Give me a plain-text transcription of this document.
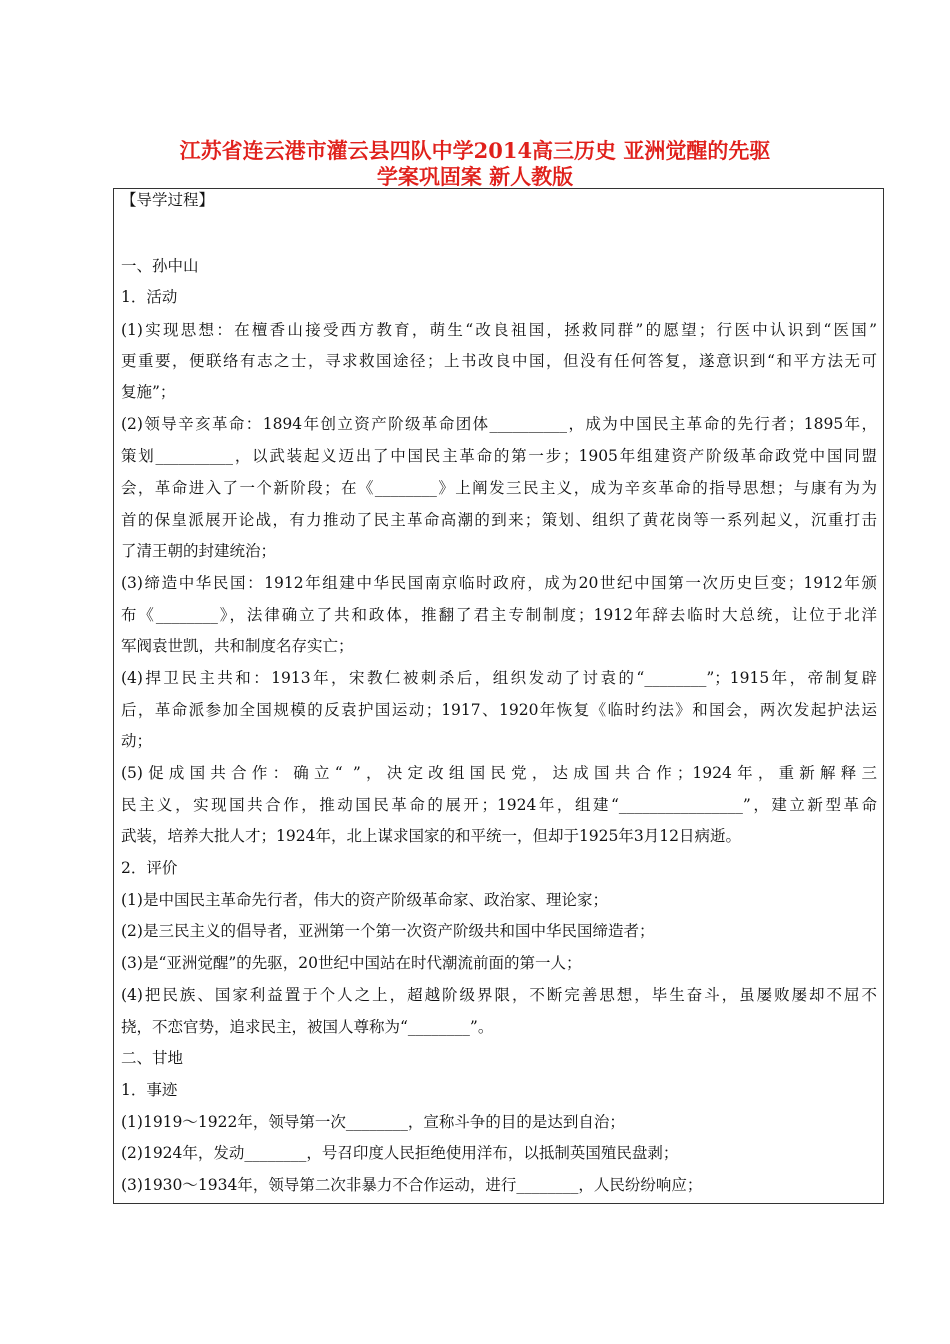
江苏省连云港市灌云县四队中学2014高三历史 亚洲觉醒的先驱
学案巩固案 新人教版
【导学过程】
一、孙中山
1．活动
(1)实现思想：在檀香山接受西方教育，萌生“改良祖国，拯救同群”的愿望；行医中认识到“医国”
更重要，便联络有志之士，寻求救国途径；上书改良中国，但没有任何答复，遂意识到“和平方法无可
复施”；
(2)领导辛亥革命：1894年创立资产阶级革命团体__________，成为中国民主革命的先行者；1895年，
策划__________，以武装起义迈出了中国民主革命的第一步；1905年组建资产阶级革命政党中国同盟
会，革命进入了一个新阶段；在《________》上阐发三民主义，成为辛亥革命的指导思想；与康有为为
首的保皇派展开论战，有力推动了民主革命高潮的到来；策划、组织了黄花岗等一系列起义，沉重打击
了清王朝的封建统治；
(3)缔造中华民国：1912年组建中华民国南京临时政府，成为20世纪中国第一次历史巨变；1912年颁
布《________》，法律确立了共和政体，推翻了君主专制制度；1912年辞去临时大总统，让位于北洋
军阀袁世凯，共和制度名存实亡；
(4)捍卫民主共和：1913年，宋教仁被刺杀后，组织发动了讨袁的“________”；1915年，帝制复辟
后，革命派参加全国规模的反袁护国运动；1917、1920年恢复《临时约法》和国会，两次发起护法运
动；
(5)促成国共合作：确立“ ”，决定改组国民党，达成国共合作；1924年，重新解释三
民主义，实现国共合作，推动国民革命的展开；1924年，组建“________________”，建立新型革命
武装，培养大批人才；1924年，北上谋求国家的和平统一，但却于1925年3月12日病逝。
2．评价
(1)是中国民主革命先行者，伟大的资产阶级革命家、政治家、理论家；
(2)是三民主义的倡导者，亚洲第一个第一次资产阶级共和国中华民国缔造者；
(3)是“亚洲觉醒”的先驱，20世纪中国站在时代潮流前面的第一人；
(4)把民族、国家利益置于个人之上，超越阶级界限，不断完善思想，毕生奋斗，虽屡败屡却不屈不
挠，不恋官势，追求民主，被国人尊称为“________”。
二、甘地
1．事迹
(1)1919～1922年，领导第一次________，宣称斗争的目的是达到自治；
(2)1924年，发动________，号召印度人民拒绝使用洋布，以抵制英国殖民盘剥；
(3)1930～1934年，领导第二次非暴力不合作运动，进行________，人民纷纷响应；
